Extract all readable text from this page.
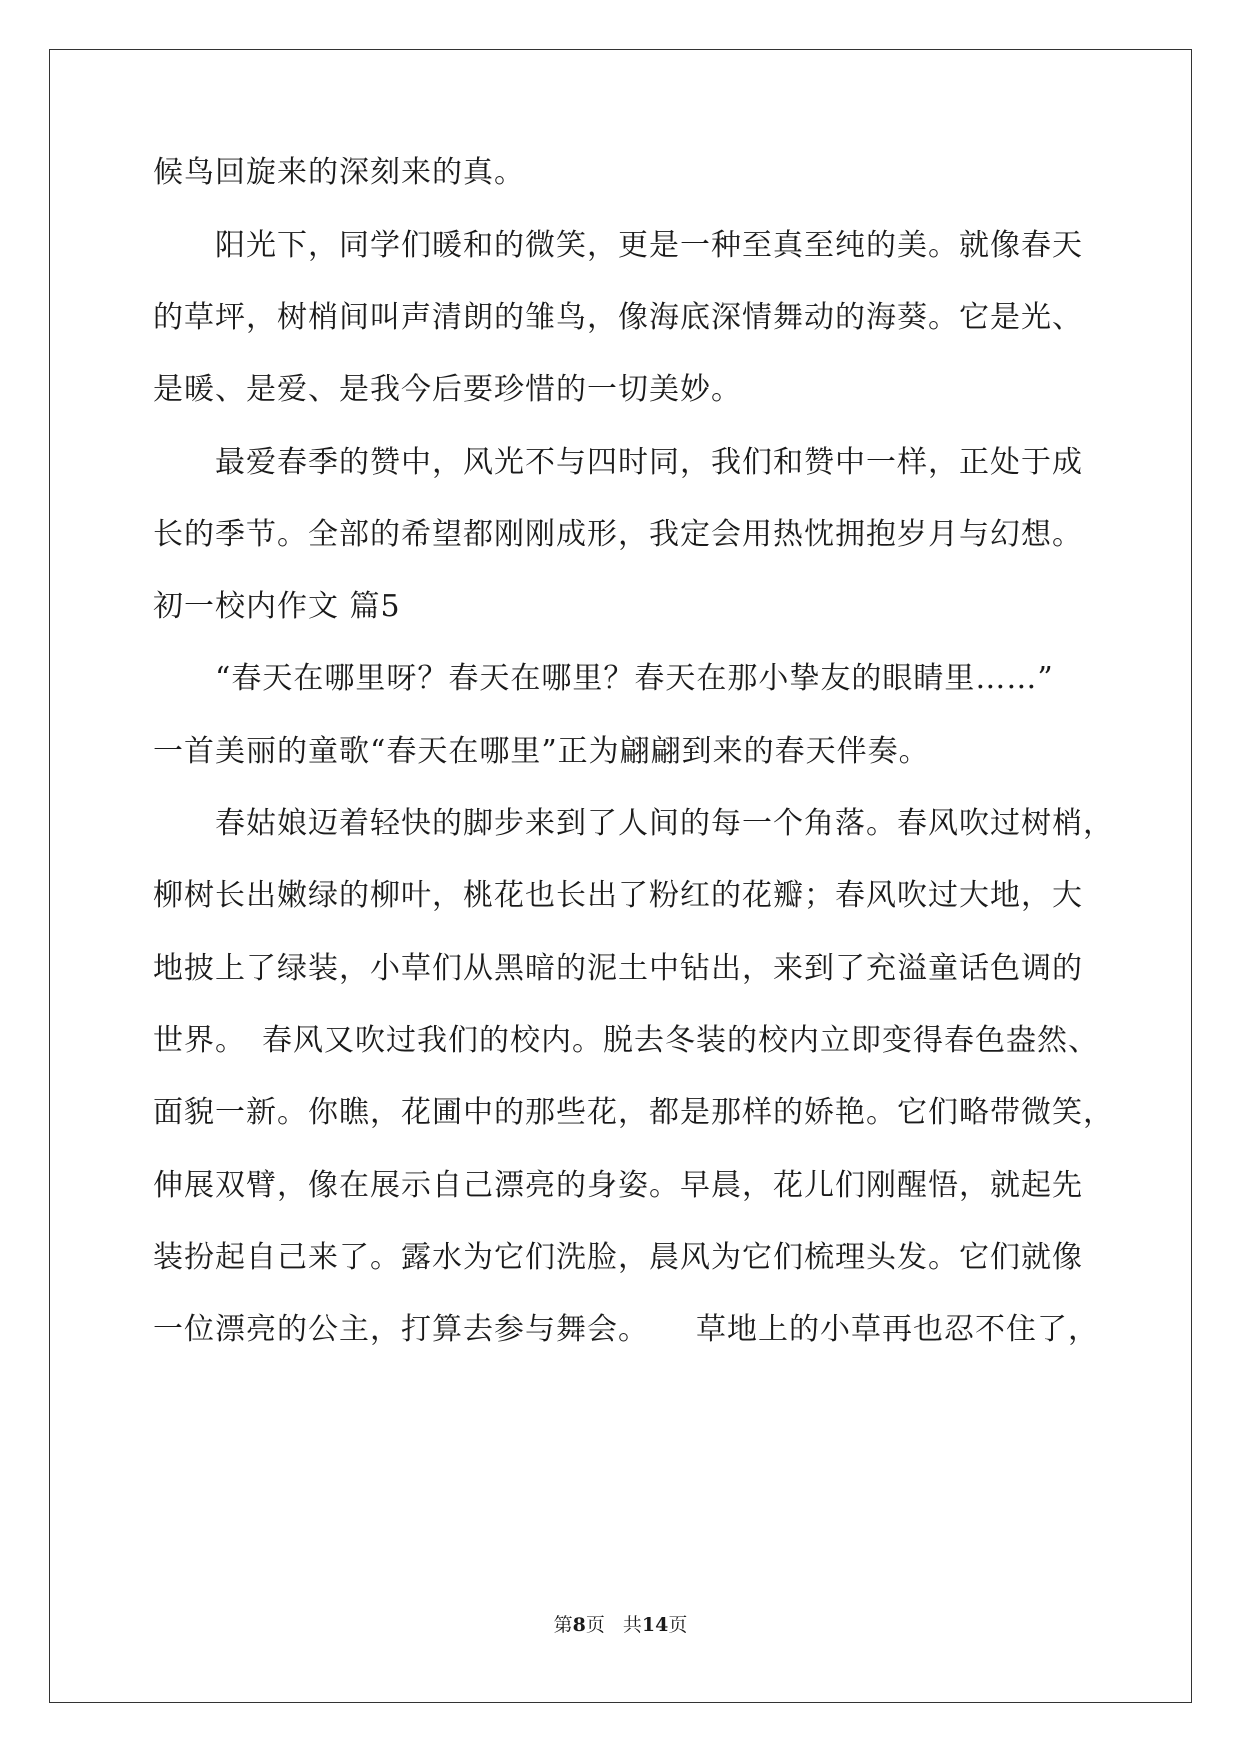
候鸟回旋来的深刻来的真。

阳光下，同学们暖和的微笑，更是一种至真至纯的美。就像春天

的草坪，树梢间叫声清朗的雏鸟，像海底深情舞动的海葵。它是光、

是暖、是爱、是我今后要珍惜的一切美妙。

最爱春季的赞中，风光不与四时同，我们和赞中一样，正处于成

长的季节。全部的希望都刚刚成形，我定会用热忱拥抱岁月与幻想。

初一校内作文 篇5

“春天在哪里呀？春天在哪里？春天在那小挚友的眼睛里……”

一首美丽的童歌“春天在哪里”正为翩翩到来的春天伴奏。

春姑娘迈着轻快的脚步来到了人间的每一个角落。春风吹过树梢，

柳树长出嫩绿的柳叶，桃花也长出了粉红的花瓣；春风吹过大地，大

地披上了绿装，小草们从黑暗的泥土中钻出，来到了充溢童话色调的

世界。　春风又吹过我们的校内。脱去冬装的校内立即变得春色盎然、

面貌一新。你瞧，花圃中的那些花，都是那样的娇艳。它们略带微笑，

伸展双臂，像在展示自己漂亮的身姿。早晨，花儿们刚醒悟，就起先

装扮起自己来了。露水为它们洗脸，晨风为它们梳理头发。它们就像

一位漂亮的公主，打算去参与舞会。　　草地上的小草再也忍不住了，

第8页 共14页
